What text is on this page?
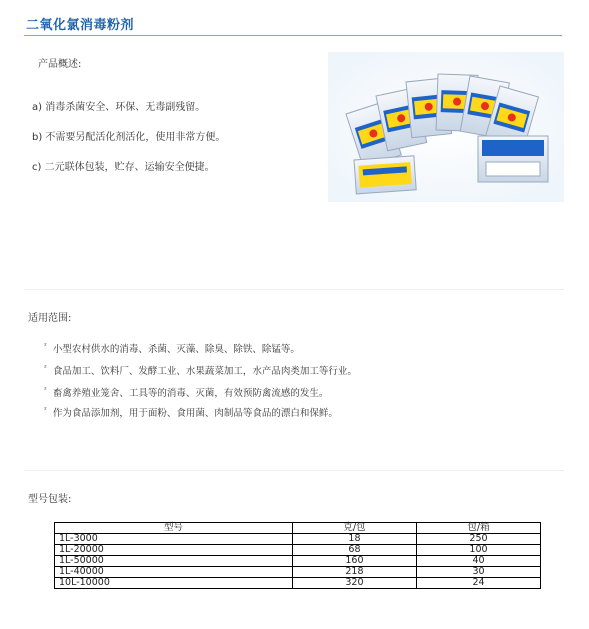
二氧化氯消毒粉剂
产品概述:
a) 消毒杀菌安全、环保、无毒副残留。
b) 不需要另配活化剂活化，使用非常方便。
c) 二元联体包装，贮存、运输安全便捷。
适用范围:
$^{^2}$ 小型农村供水的消毒、杀菌、灭藻、除臭、除铁、除锰等。
$^{^2}$ 食品加工、饮料厂、发酵工业、水果蔬菜加工，水产品肉类加工等行业。
$^{^2}$ 畜禽养殖业笼舍、工具等的消毒、灭菌，有效预防禽流感的发生。
$^{^2}$ 作为食品添加剂，用于面粉、食用菌、肉制品等食品的漂白和保鲜。
型号包装:
型号	克/包	包/箱
1L-3000	18	250
1L-20000	68	100
1L-50000	160	40
1L-40000	218	30
10L-10000	320	24
